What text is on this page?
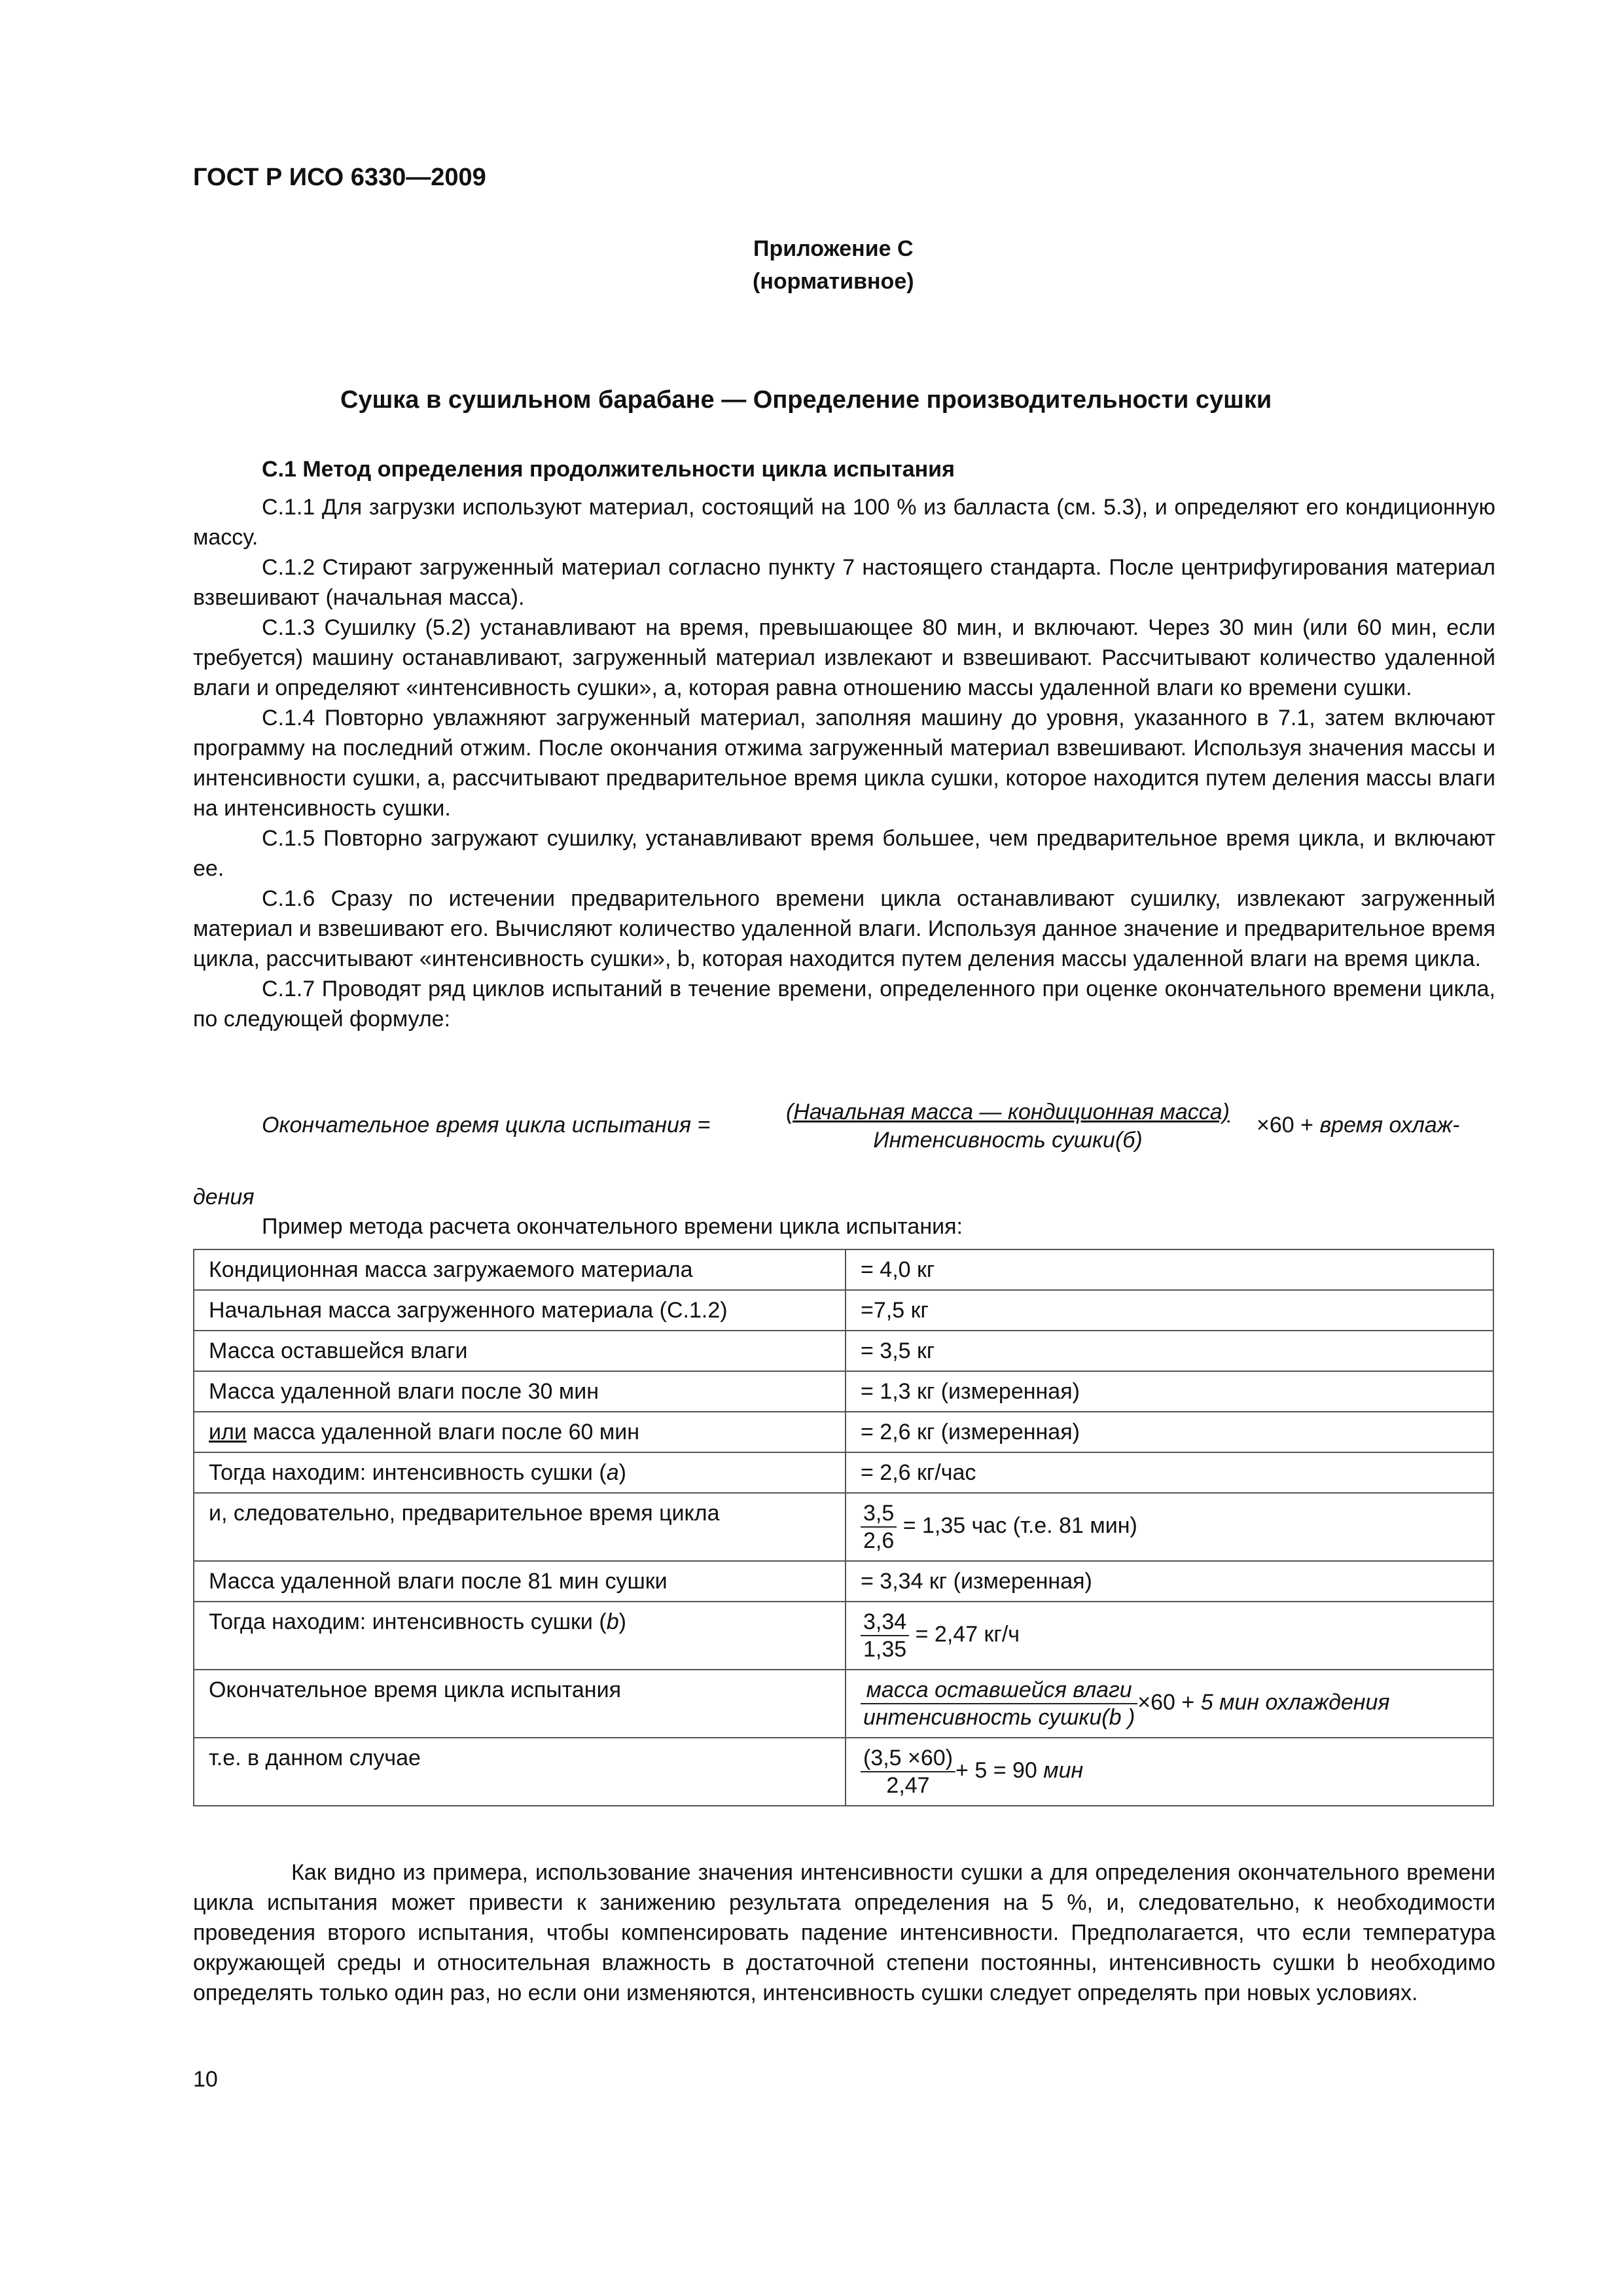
ГОСТ Р ИСО 6330—2009
Приложение С
(нормативное)
Сушка в сушильном барабане — Определение производительности сушки
С.1 Метод определения продолжительности цикла испытания

С.1.1 Для загрузки используют материал, состоящий на 100 % из балласта (см. 5.3), и определяют его кондиционную массу.

С.1.2 Стирают загруженный материал согласно пункту 7 настоящего стандарта. После центрифугирования материал взвешивают (начальная масса).

С.1.3 Сушилку (5.2) устанавливают на время, превышающее 80 мин, и включают. Через 30 мин (или 60 мин, если требуется) машину останавливают, загруженный материал извлекают и взвешивают. Рассчитывают количество удаленной влаги и определяют «интенсивность сушки», а, которая равна отношению массы удаленной влаги ко времени сушки.

С.1.4 Повторно увлажняют загруженный материал, заполняя машину до уровня, указанного в 7.1, затем включают программу на последний отжим. После окончания отжима загруженный материал взвешивают. Используя значения массы и интенсивности сушки, а, рассчитывают предварительное время цикла сушки, которое находится путем деления массы влаги на интенсивность сушки.

С.1.5 Повторно загружают сушилку, устанавливают время большее, чем предварительное время цикла, и включают ее.

С.1.6 Сразу по истечении предварительного времени цикла останавливают сушилку, извлекают загруженный материал и взвешивают его. Вычисляют количество удаленной влаги. Используя данное значение и предварительное время цикла, рассчитывают «интенсивность сушки», b, которая находится путем деления массы удаленной влаги на время цикла.

С.1.7 Проводят ряд циклов испытаний в течение времени, определенного при оценке окончательного времени цикла, по следующей формуле:

Окончательное время цикла испытания =
(Начальная масса — кондиционная масса)
Интенсивность сушки(б)
×60 + время охлаж-
дения
Пример метода расчета окончательного времени цикла испытания:
Кондиционная масса загружаемого материала	= 4,0 кг
Начальная масса загруженного материала (С.1.2)	=7,5 кг
Масса оставшейся влаги	= 3,5 кг
Масса удаленной влаги после 30 мин	= 1,3 кг (измеренная)
или масса удаленной влаги после 60 мин	= 2,6 кг (измеренная)
Тогда находим: интенсивность сушки (a)	= 2,6 кг/час
и, следовательно, предварительное время цикла	$\frac{3,5}{2,6} = 1,35$ час (т.е. 81 мин)
Масса удаленной влаги после 81 мин сушки	= 3,34 кг (измеренная)
Тогда находим: интенсивность сушки (b)	$\frac{3,34}{1,35} = 2,47$ кг/ч
Окончательное время цикла испытания	масса оставшейся влаги
интенсивность сушки(b )
×60 + 5 мин охлаждения
т.е. в данном случае	$\frac{(3,5 \times 60)}{2,47} + 5 = 90$ мин

Как видно из примера, использование значения интенсивности сушки а для определения окончательного времени цикла испытания может привести к занижению результата определения на 5 %, и, следовательно, к необходимости проведения второго испытания, чтобы компенсировать падение интенсивности. Предполагается, что если температура окружающей среды и относительная влажность в достаточной степени постоянны, интенсивность сушки b необходимо определять только один раз, но если они изменяются, интенсивность сушки следует определять при новых условиях.

10
